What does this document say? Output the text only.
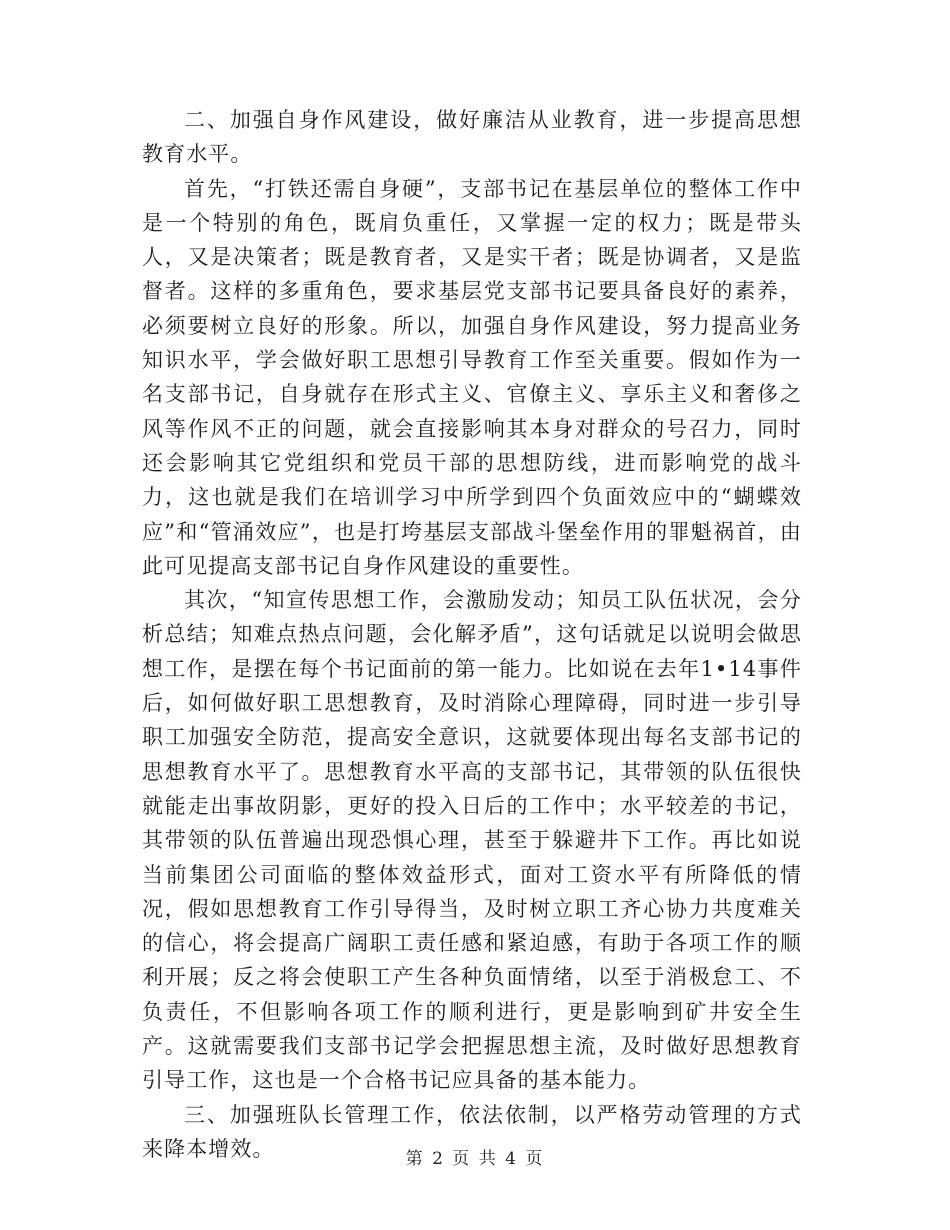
二、加强自身作风建设，做好廉洁从业教育，进一步提高思想教育水平。

首先，“打铁还需自身硬”，支部书记在基层单位的整体工作中是一个特别的角色，既肩负重任，又掌握一定的权力；既是带头人，又是决策者；既是教育者，又是实干者；既是协调者，又是监督者。这样的多重角色，要求基层党支部书记要具备良好的素养，必须要树立良好的形象。所以，加强自身作风建设，努力提高业务知识水平，学会做好职工思想引导教育工作至关重要。假如作为一名支部书记，自身就存在形式主义、官僚主义、享乐主义和奢侈之风等作风不正的问题，就会直接影响其本身对群众的号召力，同时还会影响其它党组织和党员干部的思想防线，进而影响党的战斗力，这也就是我们在培训学习中所学到四个负面效应中的“蝴蝶效应”和“管涌效应”，也是打垮基层支部战斗堡垒作用的罪魁祸首，由此可见提高支部书记自身作风建设的重要性。

其次，“知宣传思想工作，会激励发动；知员工队伍状况，会分析总结；知难点热点问题，会化解矛盾”，这句话就足以说明会做思想工作，是摆在每个书记面前的第一能力。比如说在去年1•14事件后，如何做好职工思想教育，及时消除心理障碍，同时进一步引导职工加强安全防范，提高安全意识，这就要体现出每名支部书记的思想教育水平了。思想教育水平高的支部书记，其带领的队伍很快就能走出事故阴影，更好的投入日后的工作中；水平较差的书记，其带领的队伍普遍出现恐惧心理，甚至于躲避井下工作。再比如说当前集团公司面临的整体效益形式，面对工资水平有所降低的情况，假如思想教育工作引导得当，及时树立职工齐心协力共度难关的信心，将会提高广阔职工责任感和紧迫感，有助于各项工作的顺利开展；反之将会使职工产生各种负面情绪，以至于消极怠工、不负责任，不但影响各项工作的顺利进行，更是影响到矿井安全生产。这就需要我们支部书记学会把握思想主流，及时做好思想教育引导工作，这也是一个合格书记应具备的基本能力。

三、加强班队长管理工作，依法依制，以严格劳动管理的方式来降本增效。	第 2 页 共 4 页
